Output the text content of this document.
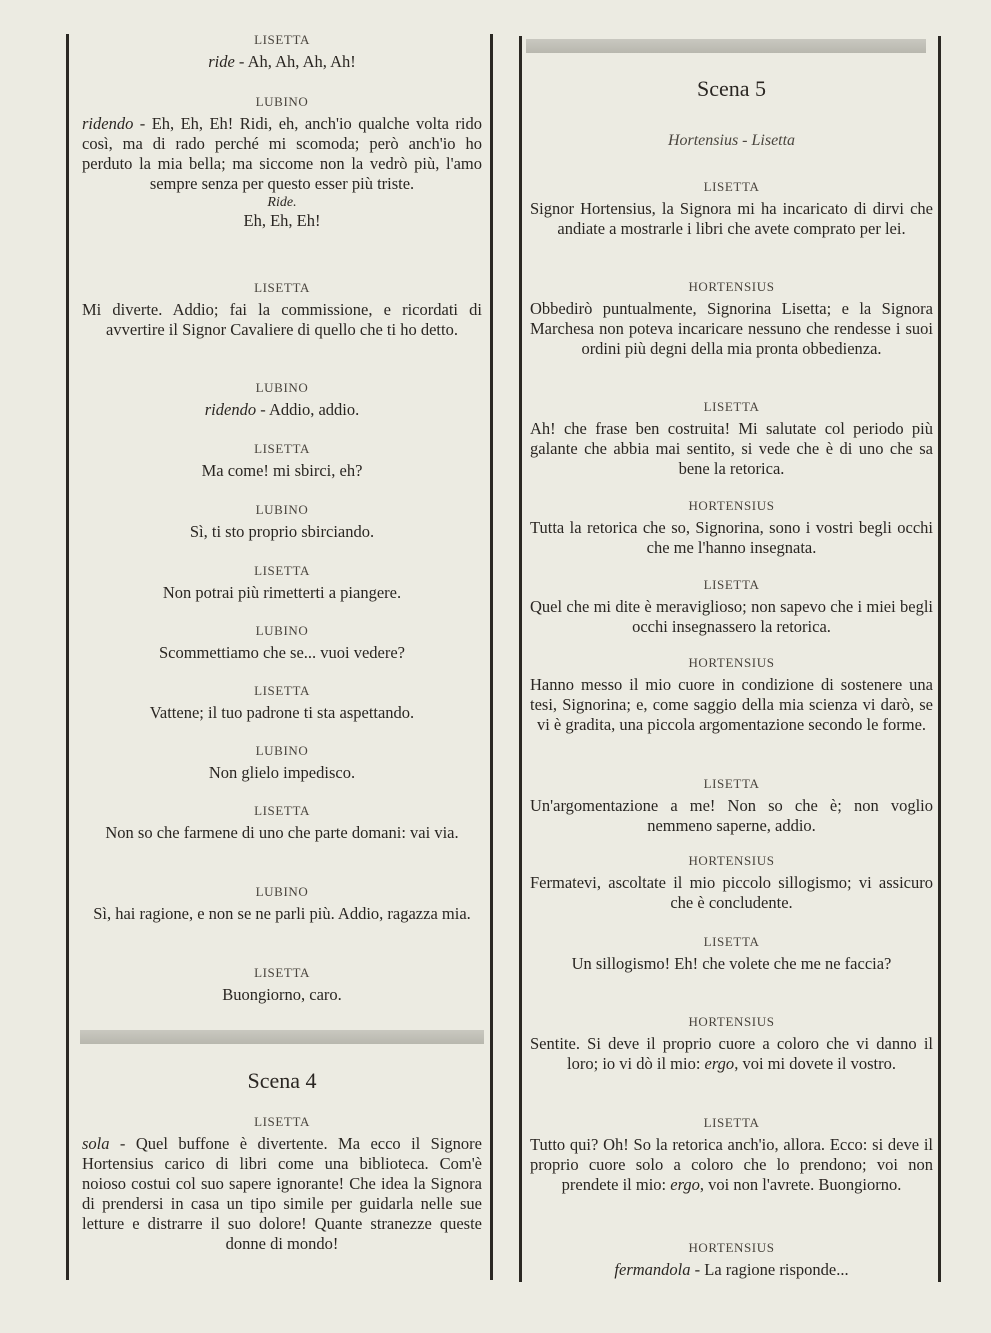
LISETTA
ride - Ah, Ah, Ah, Ah!
LUBINO
ridendo - Eh, Eh, Eh! Ridi, eh, anch'io qualche volta rido così, ma di rado perché mi scomoda; però anch'io ho perduto la mia bella; ma siccome non la vedrò più, l'amo sempre senza per questo esser più triste.
Ride.
Eh, Eh, Eh!
LISETTA
Mi diverte. Addio; fai la commissione, e ricordati di avvertire il Signor Cavaliere di quello che ti ho detto.
LUBINO
ridendo - Addio, addio.
LISETTA
Ma come! mi sbirci, eh?
LUBINO
Sì, ti sto proprio sbirciando.
LISETTA
Non potrai più rimetterti a piangere.
LUBINO
Scommettiamo che se... vuoi vedere?
LISETTA
Vattene; il tuo padrone ti sta aspettando.
LUBINO
Non glielo impedisco.
LISETTA
Non so che farmene di uno che parte domani: vai via.
LUBINO
Sì, hai ragione, e non se ne parli più. Addio, ragazza mia.
LISETTA
Buongiorno, caro.
Scena 4
LISETTA
sola - Quel buffone è divertente. Ma ecco il Signore Hortensius carico di libri come una biblioteca. Com'è noioso costui col suo sapere ignorante! Che idea la Signora di prendersi in casa un tipo simile per guidarla nelle sue letture e distrarre il suo dolore! Quante stranezze queste donne di mondo!
Scena 5
Hortensius - Lisetta
LISETTA
Signor Hortensius, la Signora mi ha incaricato di dirvi che andiate a mostrarle i libri che avete comprato per lei.
HORTENSIUS
Obbedirò puntualmente, Signorina Lisetta; e la Signora Marchesa non poteva incaricare nessuno che rendesse i suoi ordini più degni della mia pronta obbedienza.
LISETTA
Ah! che frase ben costruita! Mi salutate col periodo più galante che abbia mai sentito, si vede che è di uno che sa bene la retorica.
HORTENSIUS
Tutta la retorica che so, Signorina, sono i vostri begli occhi che me l'hanno insegnata.
LISETTA
Quel che mi dite è meraviglioso; non sapevo che i miei begli occhi insegnassero la retorica.
HORTENSIUS
Hanno messo il mio cuore in condizione di sostenere una tesi, Signorina; e, come saggio della mia scienza vi darò, se vi è gradita, una piccola argomentazione secondo le forme.
LISETTA
Un'argomentazione a me! Non so che è; non voglio nemmeno saperne, addio.
HORTENSIUS
Fermatevi, ascoltate il mio piccolo sillogismo; vi assicuro che è concludente.
LISETTA
Un sillogismo! Eh! che volete che me ne faccia?
HORTENSIUS
Sentite. Si deve il proprio cuore a coloro che vi danno il loro; io vi dò il mio: ergo, voi mi dovete il vostro.
LISETTA
Tutto qui? Oh! So la retorica anch'io, allora. Ecco: si deve il proprio cuore solo a coloro che lo prendono; voi non prendete il mio: ergo, voi non l'avrete. Buongiorno.
HORTENSIUS
fermandola - La ragione risponde...
